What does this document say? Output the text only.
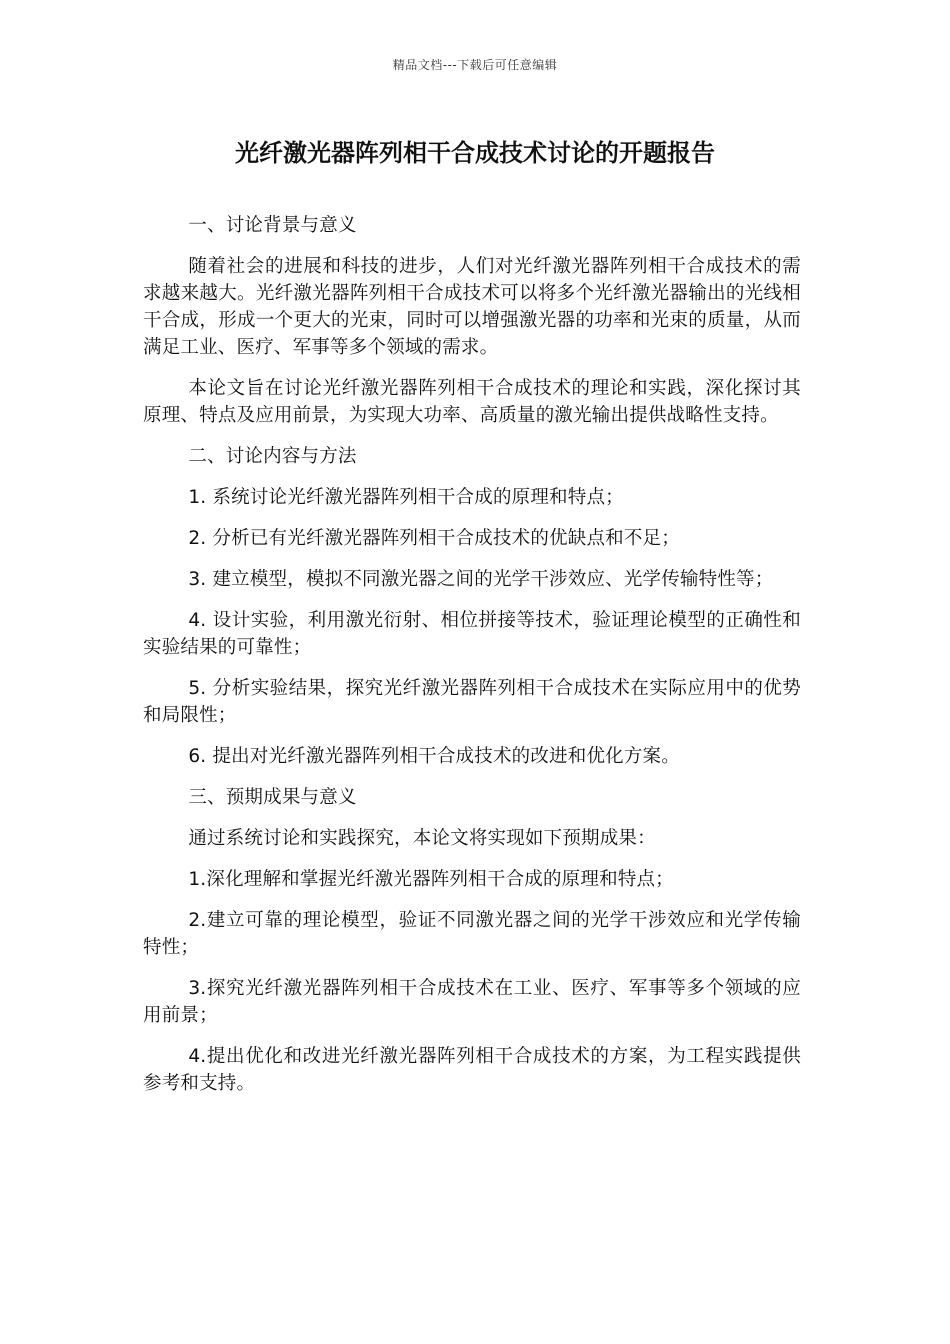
精品文档---下载后可任意编辑
光纤激光器阵列相干合成技术讨论的开题报告

一、讨论背景与意义

随着社会的进展和科技的进步，人们对光纤激光器阵列相干合成技术的需求越来越大。光纤激光器阵列相干合成技术可以将多个光纤激光器输出的光线相干合成，形成一个更大的光束，同时可以增强激光器的功率和光束的质量，从而满足工业、医疗、军事等多个领域的需求。

本论文旨在讨论光纤激光器阵列相干合成技术的理论和实践，深化探讨其原理、特点及应用前景，为实现大功率、高质量的激光输出提供战略性支持。

二、讨论内容与方法

1. 系统讨论光纤激光器阵列相干合成的原理和特点；

2. 分析已有光纤激光器阵列相干合成技术的优缺点和不足；

3. 建立模型，模拟不同激光器之间的光学干涉效应、光学传输特性等；

4. 设计实验，利用激光衍射、相位拼接等技术，验证理论模型的正确性和实验结果的可靠性；

5. 分析实验结果，探究光纤激光器阵列相干合成技术在实际应用中的优势和局限性；

6. 提出对光纤激光器阵列相干合成技术的改进和优化方案。

三、预期成果与意义

通过系统讨论和实践探究，本论文将实现如下预期成果：

1.深化理解和掌握光纤激光器阵列相干合成的原理和特点；

2.建立可靠的理论模型，验证不同激光器之间的光学干涉效应和光学传输特性；

3.探究光纤激光器阵列相干合成技术在工业、医疗、军事等多个领域的应用前景；

4.提出优化和改进光纤激光器阵列相干合成技术的方案，为工程实践提供参考和支持。
